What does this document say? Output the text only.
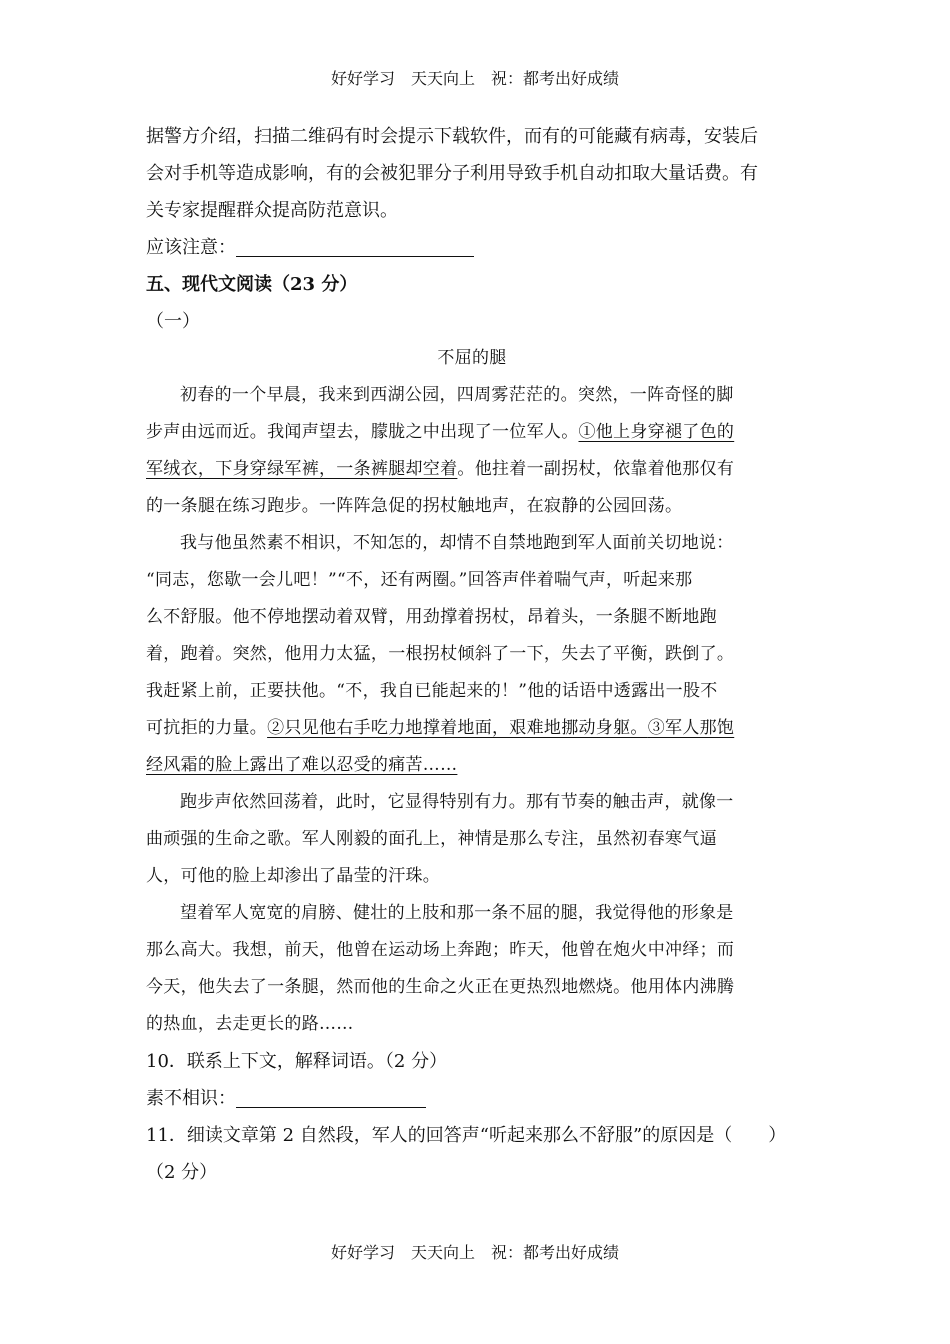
好好学习　天天向上　祝：都考出好成绩
据警方介绍，扫描二维码有时会提示下载软件，而有的可能藏有病毒，安装后
会对手机等造成影响，有的会被犯罪分子利用导致手机自动扣取大量话费。有
关专家提醒群众提高防范意识。
应该注意：
五、现代文阅读（23 分）
（一）
不屈的腿
初春的一个早晨，我来到西湖公园，四周雾茫茫的。突然，一阵奇怪的脚
步声由远而近。我闻声望去，朦胧之中出现了一位军人。①他上身穿褪了色的
军绒衣，下身穿绿军裤，一条裤腿却空着。他拄着一副拐杖，依靠着他那仅有
的一条腿在练习跑步。一阵阵急促的拐杖触地声，在寂静的公园回荡。
我与他虽然素不相识，不知怎的，却情不自禁地跑到军人面前关切地说：
“同志，您歇一会儿吧！”“不，还有两圈。”回答声伴着喘气声，听起来那
么不舒服。他不停地摆动着双臂，用劲撑着拐杖，昂着头，一条腿不断地跑
着，跑着。突然，他用力太猛，一根拐杖倾斜了一下，失去了平衡，跌倒了。
我赶紧上前，正要扶他。“不，我自已能起来的！”他的话语中透露出一股不
可抗拒的力量。②只见他右手吃力地撑着地面，艰难地挪动身躯。③军人那饱
经风霜的脸上露出了难以忍受的痛苦……
跑步声依然回荡着，此时，它显得特别有力。那有节奏的触击声，就像一
曲顽强的生命之歌。军人刚毅的面孔上，神情是那么专注，虽然初春寒气逼
人，可他的脸上却渗出了晶莹的汗珠。
望着军人宽宽的肩膀、健壮的上肢和那一条不屈的腿，我觉得他的形象是
那么高大。我想，前天，他曾在运动场上奔跑；昨天，他曾在炮火中冲绎；而
今天，他失去了一条腿，然而他的生命之火正在更热烈地燃烧。他用体内沸腾
的热血，去走更长的路……
10．联系上下文，解释词语。（2 分）
素不相识：
11．细读文章第 2 自然段，军人的回答声“听起来那么不舒服”的原因是（　　）
（2 分）
好好学习　天天向上　祝：都考出好成绩
